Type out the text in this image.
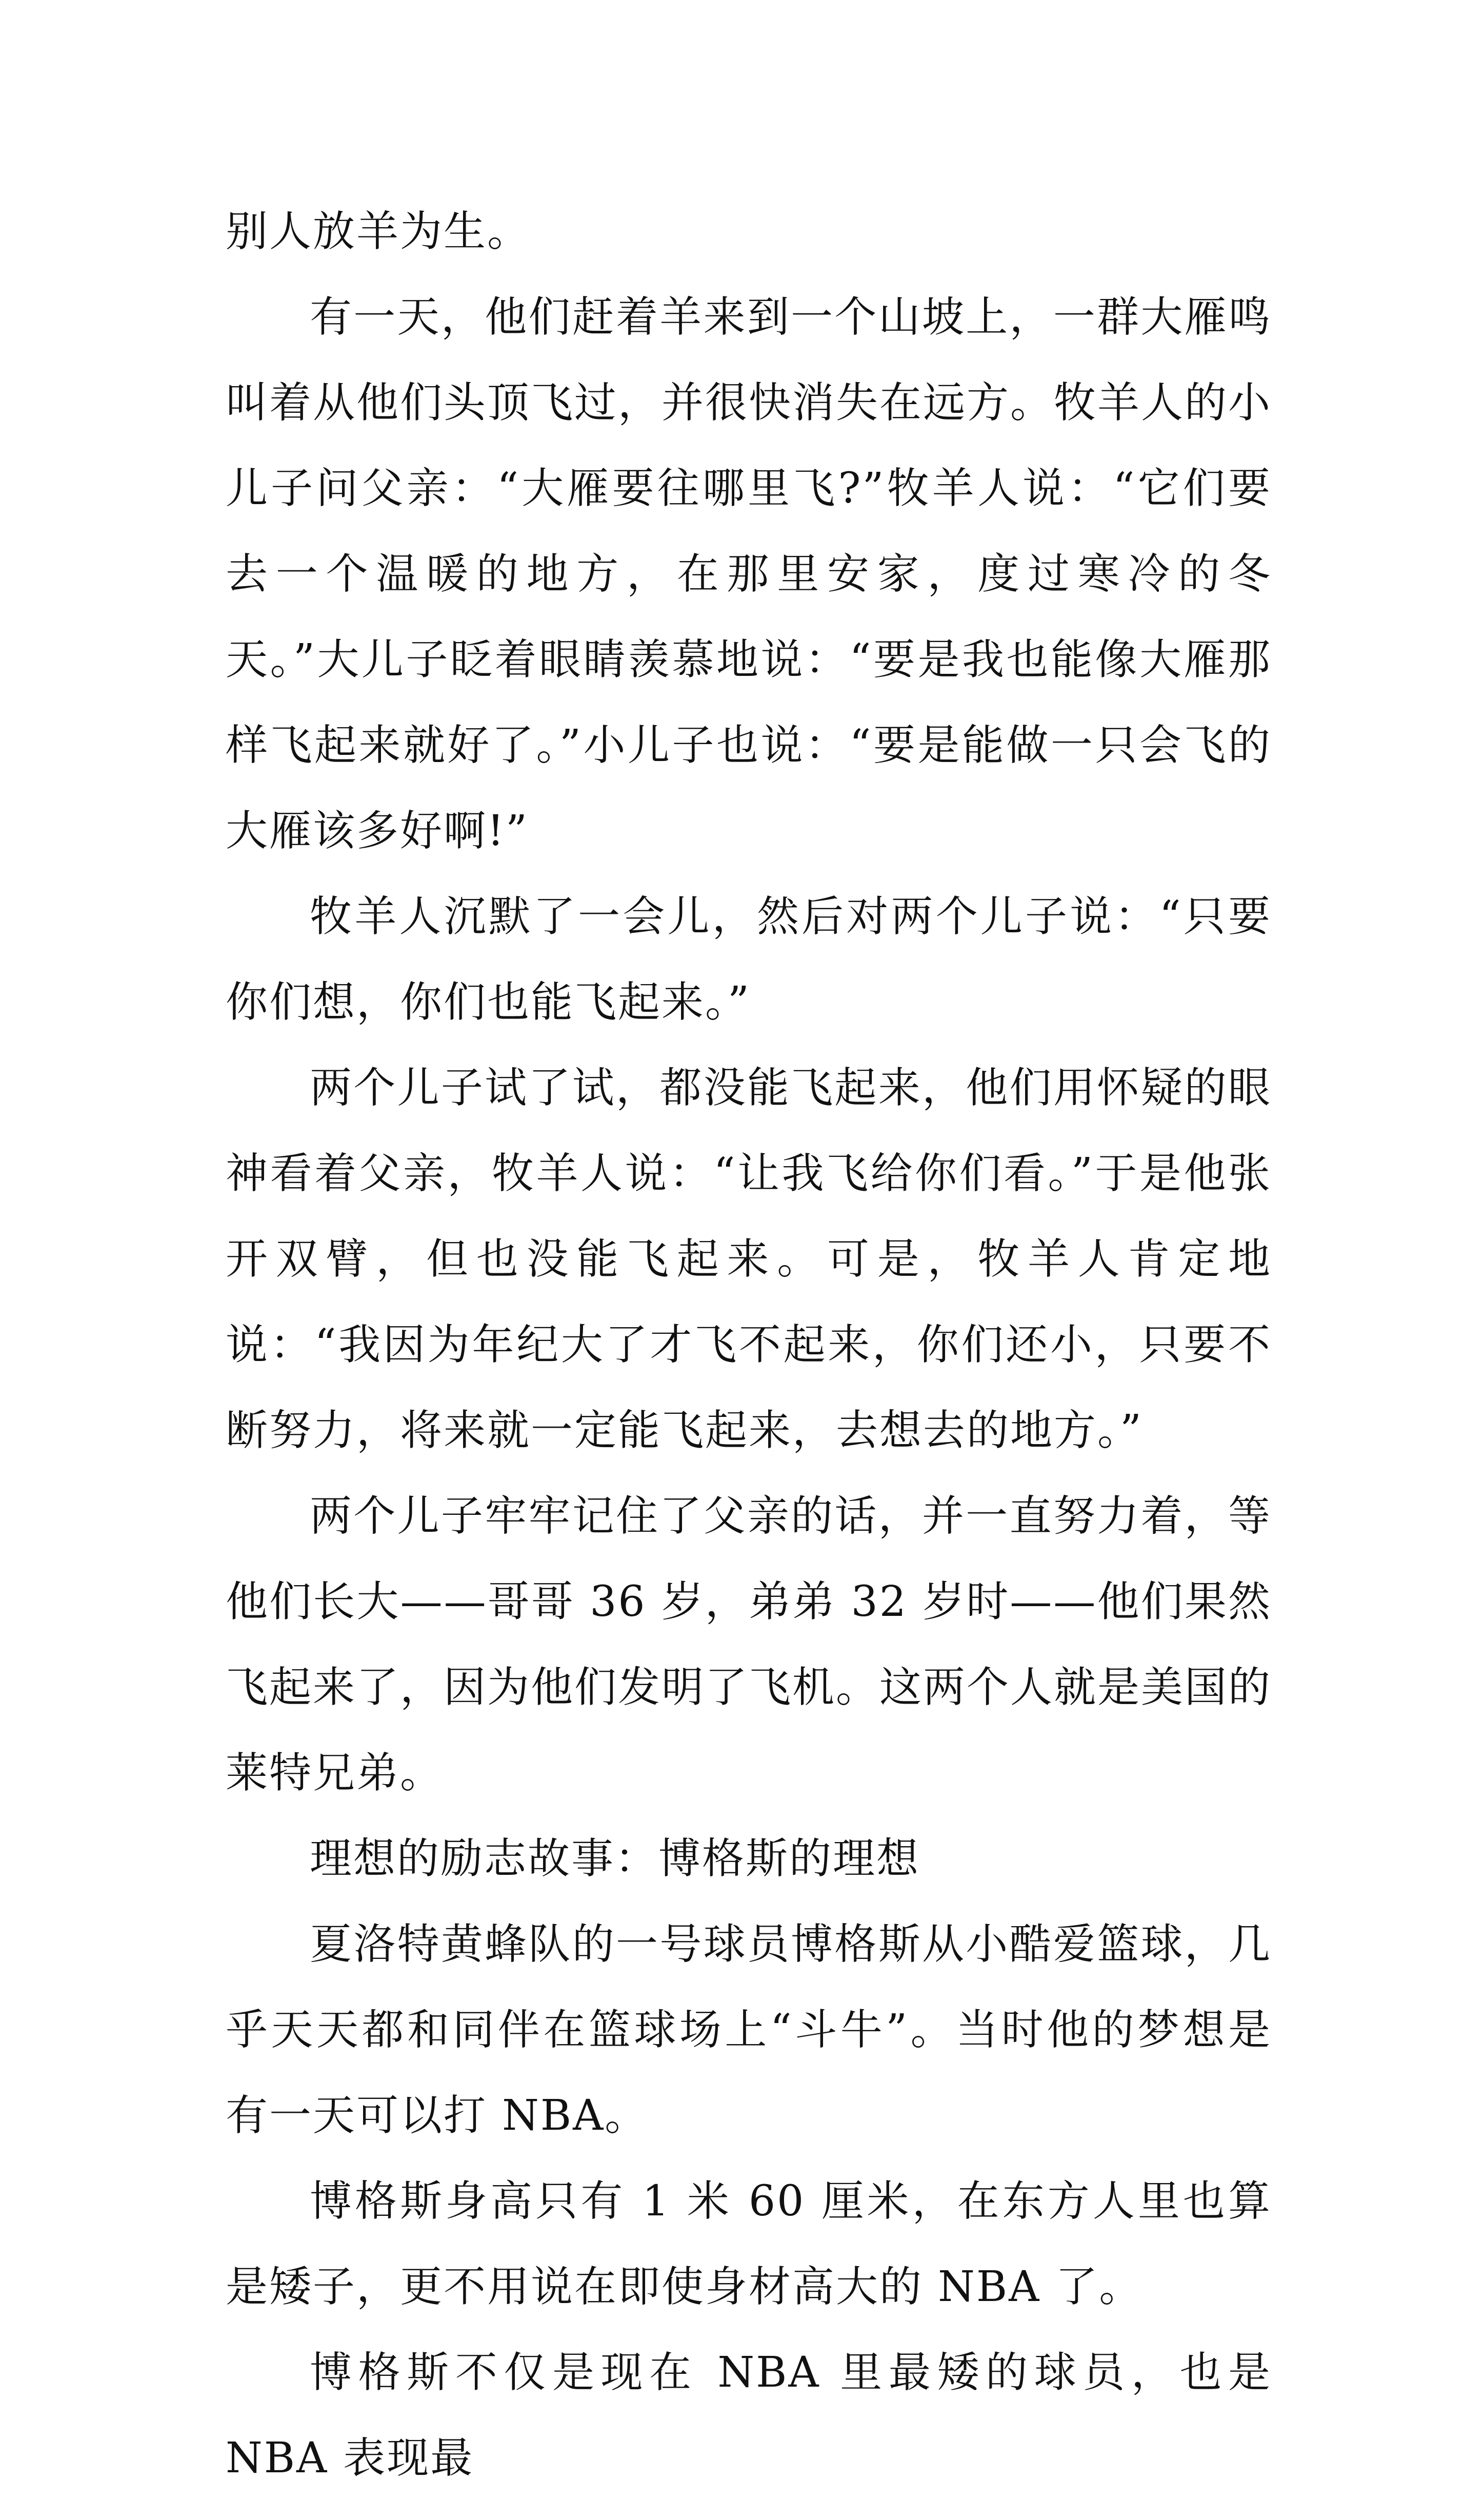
别人放羊为生。

有一天，他们赶着羊来到一个山坡上，一群大雁鸣叫着从他们头顶飞过，并很快消失在远方。牧羊人的小儿子问父亲：“大雁要往哪里飞?”牧羊人说：“它们要去一个温暖的地方，在那里安家，度过寒冷的冬天。”大儿子眨着眼睛羡慕地说：“要是我也能像大雁那样飞起来就好了。”小儿子也说：“要是能做一只会飞的大雁该多好啊!”

牧羊人沉默了一会儿，然后对两个儿子说：“只要你们想，你们也能飞起来。”

两个儿子试了试，都没能飞起来，他们用怀疑的眼神看着父亲，牧羊人说：“让我飞给你们看。”于是他张开双臂，但也没能飞起来。可是，牧羊人肯定地说：“我因为年纪大了才飞不起来，你们还小，只要不断努力，将来就一定能飞起来，去想去的地方。”

两个儿子牢牢记住了父亲的话，并一直努力着，等他们长大——哥哥 36 岁，弟弟 32 岁时——他们果然飞起来了，因为他们发明了飞机。这两个人就是美国的莱特兄弟。

理想的励志故事：博格斯的理想

夏洛特黄蜂队的一号球员博格斯从小酷爱篮球，几乎天天都和同伴在篮球场上“斗牛”。当时他的梦想是有一天可以打 NBA。

博格斯身高只有 1 米 60 厘米，在东方人里也算是矮子，更不用说在即使身材高大的 NBA 了。

博格斯不仅是现在 NBA 里最矮的球员，也是 NBA 表现最
